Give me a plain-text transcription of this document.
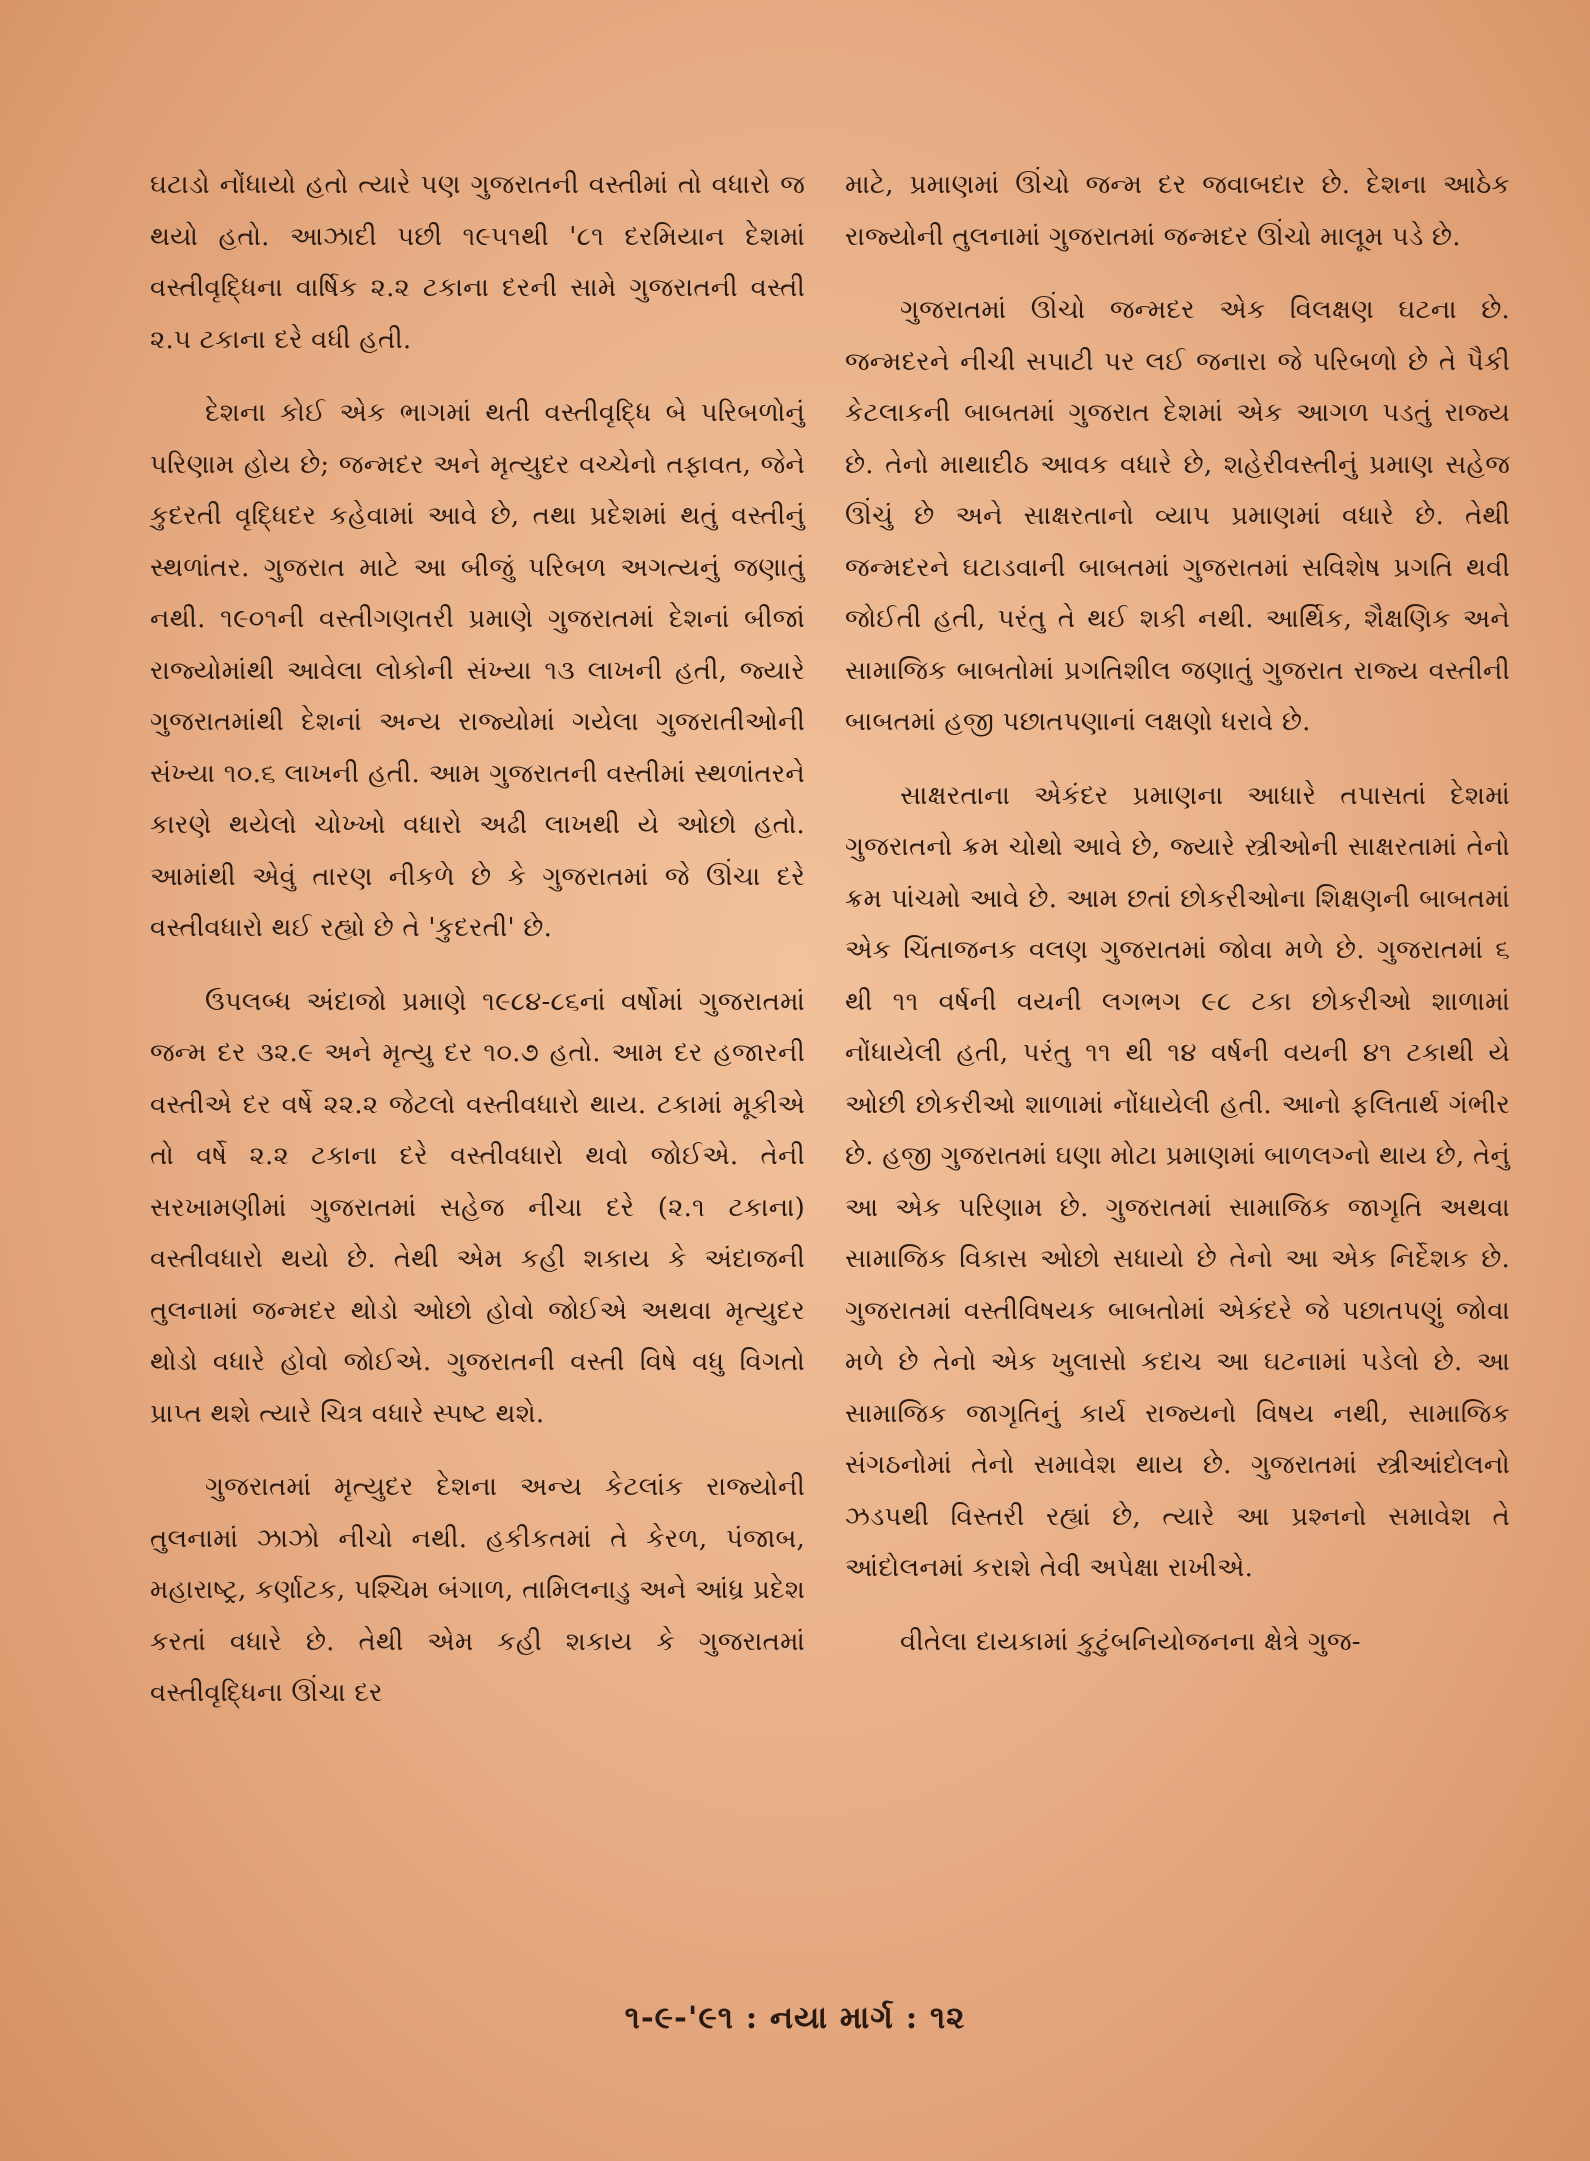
ઘટાડો નોંધાયો હતો ત્યારે પણ ગુજરાતની વસ્તીમાં તો વધારો જ થયો હતો. આઝાદી પછી ૧૯૫૧થી '૮૧ દરમિયાન દેશમાં વસ્તીવૃદ્ધિના વાર્ષિક ૨.૨ ટકાના દરની સામે ગુજરાતની વસ્તી ૨.૫ ટકાના દરે વધી હતી.

દેશના કોઈ એક ભાગમાં થતી વસ્તીવૃદ્ધિ બે પરિબળોનું પરિણામ હોય છે; જન્મદર અને મૃત્યુદર વચ્ચેનો તફાવત, જેને કુદરતી વૃદ્ધિદર કહેવામાં આવે છે, તથા પ્રદેશમાં થતું વસ્તીનું સ્થળાંતર. ગુજરાત માટે આ બીજું પરિબળ અગત્યનું જણાતું નથી. ૧૯૦૧ની વસ્તીગણતરી પ્રમાણે ગુજરાતમાં દેશનાં બીજાં રાજ્યોમાંથી આવેલા લોકોની સંખ્યા ૧૩ લાખની હતી, જ્યારે ગુજરાતમાંથી દેશનાં અન્ય રાજ્યોમાં ગયેલા ગુજરાતીઓની સંખ્યા ૧૦.૬ લાખની હતી. આમ ગુજરાતની વસ્તીમાં સ્થળાંતરને કારણે થયેલો ચોખ્ખો વધારો અઢી લાખથી યે ઓછો હતો. આમાંથી એવું તારણ નીકળે છે કે ગુજરાતમાં જે ઊંચા દરે વસ્તીવધારો થઈ રહ્યો છે તે 'કુદરતી' છે.

ઉપલબ્ધ અંદાજો પ્રમાણે ૧૯૮૪-૮૬નાં વર્ષોમાં ગુજરાતમાં જન્મ દર ૩૨.૯ અને મૃત્યુ દર ૧૦.૭ હતો. આમ દર હજારની વસ્તીએ દર વર્ષે ૨૨.૨ જેટલો વસ્તીવધારો થાય. ટકામાં મૂકીએ તો વર્ષે ૨.૨ ટકાના દરે વસ્તીવધારો થવો જોઈએ. તેની સરખામણીમાં ગુજરાતમાં સહેજ નીચા દરે (૨.૧ ટકાના) વસ્તીવધારો થયો છે. તેથી એમ કહી શકાય કે અંદાજની તુલનામાં જન્મદર થોડો ઓછો હોવો જોઈએ અથવા મૃત્યુદર થોડો વધારે હોવો જોઈએ. ગુજરાતની વસ્તી વિષે વધુ વિગતો પ્રાપ્ત થશે ત્યારે ચિત્ર વધારે સ્પષ્ટ થશે.

ગુજરાતમાં મૃત્યુદર દેશના અન્ય કેટલાંક રાજ્યોની તુલનામાં ઝાઝો નીચો નથી. હકીકતમાં તે કેરળ, પંજાબ, મહારાષ્ટ્ર, કર્ણાટક, પશ્ચિમ બંગાળ, તામિલનાડુ અને આંધ્ર પ્રદેશ કરતાં વધારે છે. તેથી એમ કહી શકાય કે ગુજરાતમાં વસ્તીવૃદ્ધિના ઊંચા દર

માટે, પ્રમાણમાં ઊંચો જન્મ દર જવાબદાર છે. દેશના આઠેક રાજ્યોની તુલનામાં ગુજરાતમાં જન્મદર ઊંચો માલૂમ પડે છે.

ગુજરાતમાં ઊંચો જન્મદર એક વિલક્ષણ ઘટના છે. જન્મદરને નીચી સપાટી પર લઈ જનારા જે પરિબળો છે તે પૈકી કેટલાકની બાબતમાં ગુજરાત દેશમાં એક આગળ પડતું રાજ્ય છે. તેનો માથાદીઠ આવક વધારે છે, શહેરીવસ્તીનું પ્રમાણ સહેજ ઊંચું છે અને સાક્ષરતાનો વ્યાપ પ્રમાણમાં વધારે છે. તેથી જન્મદરને ઘટાડવાની બાબતમાં ગુજરાતમાં સવિશેષ પ્રગતિ થવી જોઈતી હતી, પરંતુ તે થઈ શકી નથી. આર્થિક, શૈક્ષણિક અને સામાજિક બાબતોમાં પ્રગતિશીલ જણાતું ગુજરાત રાજ્ય વસ્તીની બાબતમાં હજી પછાતપણાનાં લક્ષણો ધરાવે છે.

સાક્ષરતાના એકંદર પ્રમાણના આધારે તપાસતાં દેશમાં ગુજરાતનો ક્રમ ચોથો આવે છે, જ્યારે સ્ત્રીઓની સાક્ષરતામાં તેનો ક્રમ પાંચમો આવે છે. આમ છતાં છોકરીઓના શિક્ષણની બાબતમાં એક ચિંતાજનક વલણ ગુજરાતમાં જોવા મળે છે. ગુજરાતમાં ૬ થી ૧૧ વર્ષની વયની લગભગ ૯૮ ટકા છોકરીઓ શાળામાં નોંધાયેલી હતી, પરંતુ ૧૧ થી ૧૪ વર્ષની વયની ૪૧ ટકાથી યે ઓછી છોકરીઓ શાળામાં નોંધાયેલી હતી. આનો ફલિતાર્થ ગંભીર છે. હજી ગુજરાતમાં ઘણા મોટા પ્રમાણમાં બાળલગ્નો થાય છે, તેનું આ એક પરિણામ છે. ગુજરાતમાં સામાજિક જાગૃતિ અથવા સામાજિક વિકાસ ઓછો સધાયો છે તેનો આ એક નિર્દેશક છે. ગુજરાતમાં વસ્તીવિષયક બાબતોમાં એકંદરે જે પછાતપણું જોવા મળે છે તેનો એક ખુલાસો કદાચ આ ઘટનામાં પડેલો છે. આ સામાજિક જાગૃતિનું કાર્ય રાજ્યનો વિષય નથી, સામાજિક સંગઠનોમાં તેનો સમાવેશ થાય છે. ગુજરાતમાં સ્ત્રીઆંદોલનો ઝડપથી વિસ્તરી રહ્યાં છે, ત્યારે આ પ્રશ્નનો સમાવેશ તે આંદોલનમાં કરાશે તેવી અપેક્ષા રાખીએ.

વીતેલા દાયકામાં કુટુંબનિયોજનના ક્ષેત્રે ગુજ-

૧-૯-'૯૧ : નયા માર્ગ : ૧૨
